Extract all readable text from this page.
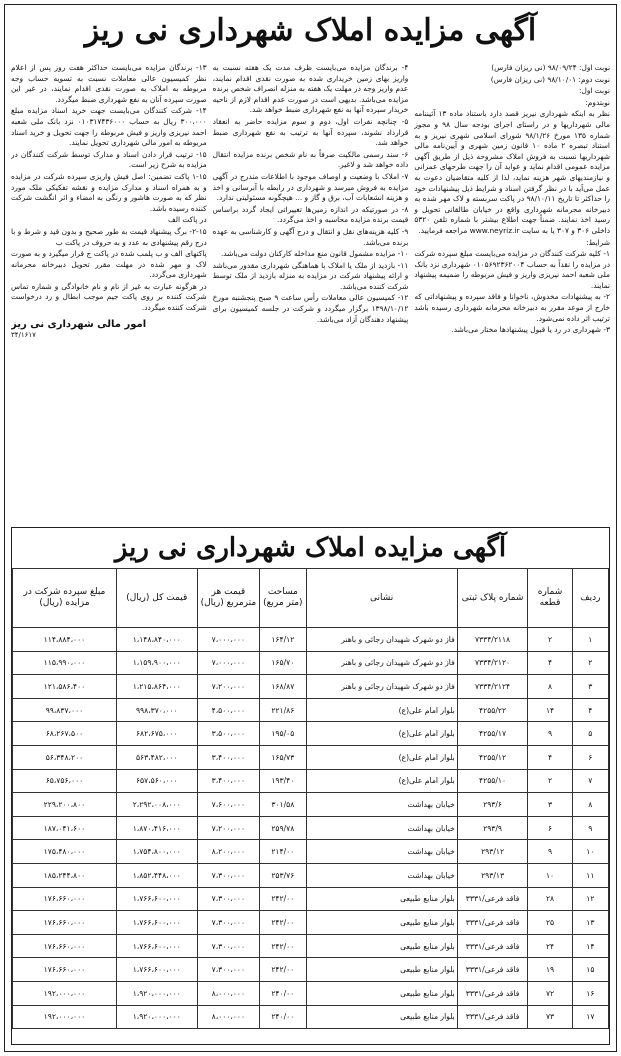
آگهی مزایده املاک شهرداری نی ریز

نوبت اول: ۹۸/۰۹/۲۴ (نی ریزان فارس)

نوبت دوم: ۹۸/۱۰/۰۱ (نی ریزان فارس)

نوبت اول:

نوبتدوم:

نظر به اینکه شهرداری نیریز قصد دارد باستناد ماده ۱۳ آئیننامه مالی شهرداریها و در راستای اجرای بودجه سال ۹۸ و مجوز شماره ۱۳۵ مورخ ۹۸/۱/۲۶ شورای اسلامی شهری نیریز و به استناد تبصره ۲ ماده ۱۰ قانون زمین شهری و آیین‌نامه مالی شهرداریها نسبت به فروش املاک مشروحه ذیل از طریق آگهی مزایده عمومی اقدام نماید و عواید آن را جهت طرحهای عمرانی و نیازمندیهای شهر هزینه نماید، لذا از کلیه متقاضیان دعوت به عمل می‌آید با در نظر گرفتن اسناد و شرایط ذیل پیشنهادات خود را حداکثر تا تاریخ ۹۸/۱۰/۱۱ در پاکت سربسته و لاک مهر شده به دبیرخانه محرمانه شهرداری واقع در خیابان طالقانی تحویل و رسید اخذ نمایند. ضمناً جهت اطلاع بیشتر با شماره تلفن ۵۳۲۰ داخلی ۳۰۶ و ۳۰۷ یا به سایت www.neyriz.ir مراجعه فرمایید.

شرایط:

۱- کلیه شرکت کنندگان در مزایده می‌بایست مبلغ سپرده شرکت در مزایده را نقداً به حساب ۰۱۰۵۶۹۲۳۶۲۰۰۴ شهرداری نزد بانک ملی شعبه احمد نیریزی واریز و فیش مربوطه را ضمیمه پیشنهاد نمایند.

۲- به پیشنهادات مخدوش، ناخوانا و فاقد سپرده و پیشنهاداتی که خارج از موعد مقرر به دبیرخانه محرمانه شهرداری رسیده باشد ترتیب اثر داده نمی‌شود.

۳- شهرداری در رد یا قبول پیشنهادها مختار می‌باشد.

۴- برندگان مزایده می‌بایست ظرف مدت یک هفته نسبت به واریز بهای زمین خریداری شده به صورت نقدی اقدام نمایند، عدم واریز وجه در مهلت یک هفته به منزله انصراف شخص برنده مزایده می‌باشد. بدیهی است در صورت عدم اقدام لازم از ناحیه خریدار سپرده آنها به نفع شهرداری ضبط خواهد شد.

۵- چنانچه نفرات اول، دوم و سوم مزایده حاضر به انعقاد قرارداد نشوند، سپرده آنها به ترتیب به نفع شهرداری ضبط خواهد شد.

۶- سند رسمی مالکیت صرفاً به نام شخص برنده مزایده انتقال داده خواهد شد و لاغیر.

۷- املاک با وضعیت و اوصاف موجود با اطلاعات مندرج در آگهی مزایده به فروش میرسد و شهرداری در رابطه با آبرسانی و اخذ و هزینه انشعابات آب، برق و گاز و ... هیچگونه مسئولیتی ندارد.

۸- در صورتیکه در اندازه زمین‌ها تغییراتی ایجاد گردد براساس قیمت برنده مزایده محاسبه و اخذ می‌گردد.

۹- کلیه هزینه‌های نقل و انتقال و درج آگهی و کارشناسی به عهده برنده می‌باشد.

۱۰- مزایده مشمول قانون منع مداخله کارکنان دولت می‌باشد.

۱۱- بازدید از ملک یا املاک با هماهنگی شهرداری مقدور می‌باشد و ارائه پیشنهاد شرکت در مزایده به منزله بازدید از ملک توسط شرکت کننده می‌باشد.

۱۲- کمیسیون عالی معاملات رأس ساعت ۹ صبح پنجشنبه مورخ ۱۳۹۸/۱۰/۱۲ برگزار میگردد و شرکت در جلسه کمیسیون برای پیشنهاد دهندگان آزاد می‌باشد.

۱۳- برندگان مزایده می‌بایست حداکثر هفت روز پس از اعلام نظر کمیسیون عالی معاملات نسبت به تسویه حساب وجه مربوطه به املاک به صورت نقدی اقدام نمایند، در غیر این صورت سپرده آنان به نفع شهرداری ضبط میگردد.

۱۴- شرکت کنندگان می‌بایست جهت خرید اسناد مزایده مبلغ ۳۰۰،۰۰۰ ریال به حساب ۰۱۰۳۱۷۴۳۶۰۰۰ نزد بانک ملی شعبه احمد نیریزی واریز و فیش مربوطه را جهت تحویل و خرید اسناد مربوطه به امور مالی شهرداری تحویل نمایند.

۱۵- ترتیب قرار دادن اسناد و مدارک توسط شرکت کنندگان در مزایده به شرح زیر است.

۱-۱۵ پاکت تضمین: اصل فیش واریزی سپرده شرکت در مزایده و به همراه اسناد و مدارک مزایده و نقشه تفکیکی ملک مورد نظر که به صورت هاشور و رنگی به امضاء و اثر انگشت شرکت کننده رسیده باشد.

در پاکت الف

۲-۱۵- برگ پیشنهاد قیمت به طور صحیح و بدون قید و شرط و با درج رقم پیشنهادی به عدد و به حروف در پاکت ب

پاکتهای الف و ب پلمب شده در پاکت ج قرار میگیرد و به صورت لاک و مهر شده در مهلت مقرر تحویل دبیرخانه محرمانه شهرداری می‌گردد.

در هرگونه عبارت به غیر از نام و نام خانوادگی و شماره تماس شرکت کننده بر روی پاکت جیم موجب ابطال و رد درخواست شرکت کننده میگردد.

امور مالی شهرداری نی ریز
۳۴/۱۶۱۷
آگهی مزایده املاک شهرداری نی ریز
ردیف	شماره قطعه	شماره پلاک ثبتی	نشانی	مساحت (متر مربع)	قیمت هر مترمربع (ریال)	قیمت کل (ریال)	مبلغ سپرده شرکت در مزایده (ریال)
۱	۲	۷۳۳۴/۲۱۱۸	فاز دو شهرک شهیدان رجائی و باهنر	۱۶۴/۱۲	۷،۰۰۰،۰۰۰	۱،۱۴۸،۸۴۰،۰۰۰	۱۱۴،۸۸۴،۰۰۰
۲	۴	۷۳۳۴/۲۱۲۰	فاز دو شهرک شهیدان رجائی و باهنر	۱۶۵/۷۰	۷،۰۰۰،۰۰۰	۱،۱۵۹،۹۰۰،۰۰۰	۱۱۵،۹۹۰،۰۰۰
۳	۸	۷۳۳۴/۲۱۲۴	فاز دو شهرک شهیدان رجائی و باهنر	۱۶۸/۸۷	۷،۲۰۰،۰۰۰	۱،۲۱۵،۸۶۴،۰۰۰	۱۲۱،۵۸۶،۴۰۰
۴	۱۴	۴۲۵۵/۲۲	بلوار امام علی(ع)	۲۲۱/۸۶	۴،۵۰۰،۰۰۰	۹۹۸،۳۷۰،۰۰۰	۹۹،۸۳۷،۰۰۰
۵	۹	۴۲۵۵/۱۷	بلوار امام علی(ع)	۱۹۵/۰۵	۳،۵۰۰،۰۰۰	۶۸۲،۶۷۵،۰۰۰	۶۸،۲۶۷،۵۰۰
۶	۴	۴۲۵۵/۱۲	بلوار امام علی(ع)	۱۶۵/۷۳	۳،۴۰۰،۰۰۰	۵۶۳،۴۸۲،۰۰۰	۵۶،۳۴۸،۲۰۰
۷	۲	۴۲۵۵/۱۰	بلوار امام علی(ع)	۱۹۳/۴۰	۳،۴۰۰،۰۰۰	۶۵۷،۵۶۰،۰۰۰	۶۵،۷۵۶،۰۰۰
۸	۳	۲۹۳/۶	خیابان بهداشت	۳۰۱/۵۸	۷،۶۰۰،۰۰۰	۲،۲۹۲،۰۰۸،۰۰۰	۲۲۹،۲۰۰،۸۰۰
۹	۶	۲۹۳/۹	خیابان بهداشت	۲۵۹/۷۸	۷،۲۰۰،۰۰۰	۱،۸۷۰،۴۱۶،۰۰۰	۱۸۷،۰۴۱،۶۰۰
۱۰	۹	۲۹۳/۱۲	خیابان بهداشت	۲۱۴/۰۰	۸،۲۰۰،۰۰۰	۱،۷۵۴،۸۰۰،۰۰۰	۱۷۵،۴۸۰،۰۰۰
۱۱	۱۰	۲۹۳/۱۳	خیابان بهداشت	۲۵۳/۷۶	۷،۳۰۰،۰۰۰	۱،۸۵۲،۴۴۸،۰۰۰	۱۸۵،۲۴۴،۸۰۰
۱۲	۲۸	فاقد فرعی/۳۳۳۱	بلوار منابع طبیعی	۲۴۲/۰۰	۷،۳۰۰،۰۰۰	۱،۷۶۶،۶۰۰،۰۰۰	۱۷۶،۶۶۰،۰۰۰
۱۳	۲۵	فاقد فرعی/۳۳۳۱	بلوار منابع طبیعی	۲۴۲/۰۰	۷،۳۰۰،۰۰۰	۱،۷۶۶،۶۰۰،۰۰۰	۱۷۶،۶۶۰،۰۰۰
۱۴	۲۴	فاقد فرعی/۳۳۳۱	بلوار منابع طبیعی	۲۴۲/۰۰	۷،۳۰۰،۰۰۰	۱،۷۶۶،۶۰۰،۰۰۰	۱۷۶،۶۶۰،۰۰۰
۱۵	۱۹	فاقد فرعی/۳۳۳۱	بلوار منابع طبیعی	۲۴۲/۰۰	۷،۳۰۰،۰۰۰	۱،۷۶۶،۶۰۰،۰۰۰	۱۷۶،۶۶۰،۰۰۰
۱۶	۷۲	فاقد فرعی/۳۳۳۱	بلوار منابع طبیعی	۲۴۰/۰۰	۸،۰۰۰،۰۰۰	۱،۹۲۰،۰۰۰،۰۰۰	۱۹۲،۰۰۰،۰۰۰
۱۷	۷۳	فاقد فرعی/۳۳۳۱	بلوار منابع طبیعی	۲۴۰/۰۰	۸،۰۰۰،۰۰۰	۱،۹۲۰،۰۰۰،۰۰۰	۱۹۲،۰۰۰،۰۰۰
